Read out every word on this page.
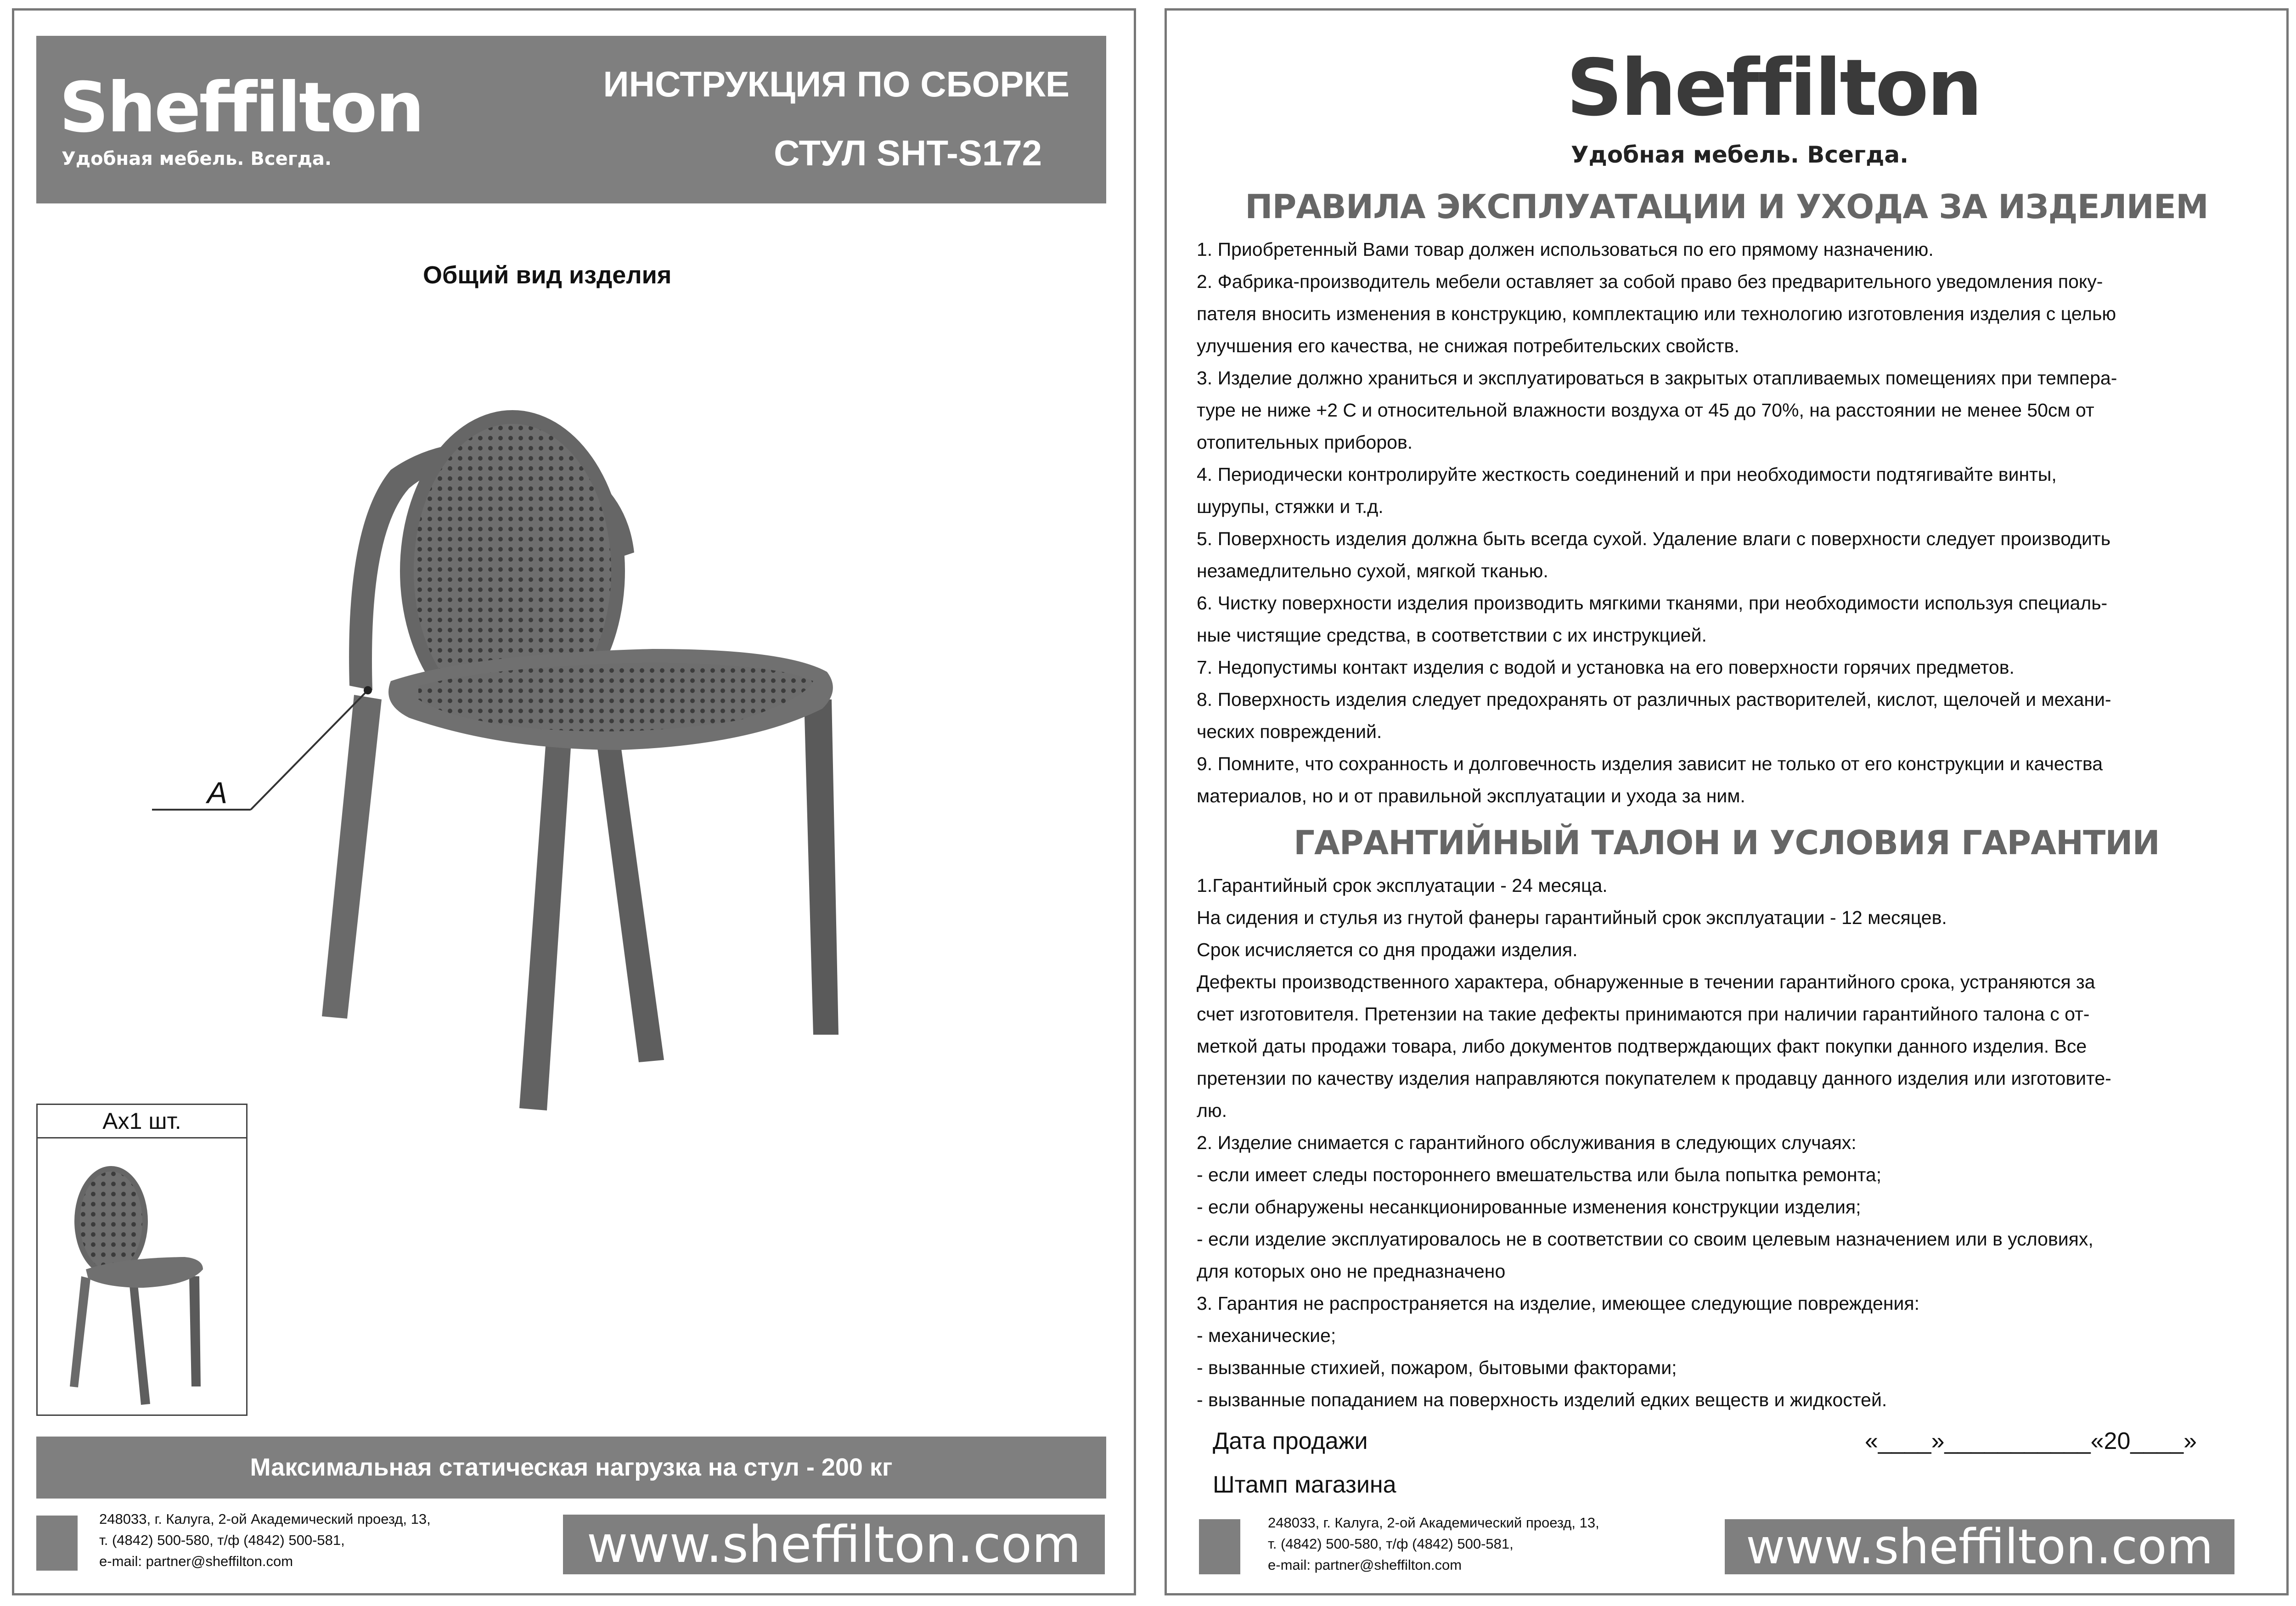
Sheffilton
Удобная мебель. Всегда.
ИНСТРУКЦИЯ ПО СБОРКЕ
СТУЛ SHT-S172
Общий вид изделия
A
Ax1 шт.
Максимальная статическая нагрузка на стул - 200 кг
248033, г. Калуга, 2-ой Академический проезд, 13,
т. (4842) 500-580, т/ф (4842) 500-581,
e-mail: partner@sheffilton.com	www.sheffilton.com
Sheffilton
Удобная мебель. Всегда.
ПРАВИЛА ЭКСПЛУАТАЦИИ И УХОДА ЗА ИЗДЕЛИЕМ

1. Приобретенный Вами товар должен использоваться по его прямому назначению.

2. Фабрика-производитель мебели оставляет за собой право без предварительного уведомления поку-

пателя вносить изменения в конструкцию, комплектацию или технологию изготовления изделия с целью

улучшения его качества, не снижая потребительских свойств.

3. Изделие должно храниться и эксплуатироваться в закрытых отапливаемых помещениях при темпера-

туре не ниже +2 С и относительной влажности воздуха от 45 до 70%, на расстоянии не менее 50см от

отопительных приборов.

4. Периодически контролируйте жесткость соединений и при необходимости подтягивайте винты,

шурупы, стяжки и т.д.

5. Поверхность изделия должна быть всегда сухой. Удаление влаги с поверхности следует производить

незамедлительно сухой, мягкой тканью.

6. Чистку поверхности изделия производить мягкими тканями, при необходимости используя специаль-

ные чистящие средства, в соответствии с их инструкцией.

7. Недопустимы контакт изделия с водой и установка на его поверхности горячих предметов.

8. Поверхность изделия следует предохранять от различных растворителей, кислот, щелочей и механи-

ческих повреждений.

9. Помните, что сохранность и долговечность изделия зависит не только от его конструкции и качества

материалов, но и от правильной эксплуатации и ухода за ним.

ГАРАНТИЙНЫЙ ТАЛОН И УСЛОВИЯ ГАРАНТИИ

1.Гарантийный срок эксплуатации - 24 месяца.

На сидения и стулья из гнутой фанеры гарантийный срок эксплуатации - 12 месяцев.

Срок исчисляется со дня продажи изделия.

Дефекты производственного характера, обнаруженные в течении гарантийного срока, устраняются за

счет изготовителя. Претензии на такие дефекты принимаются при наличии гарантийного талона с от-

меткой даты продажи товара, либо документов подтверждающих факт покупки данного изделия. Все

претензии по качеству изделия направляются покупателем к продавцу данного изделия или изготовите-

лю.

2. Изделие снимается с гарантийного обслуживания в следующих случаях:

- если имеет следы постороннего вмешательства или была попытка ремонта;

- если обнаружены несанкционированные изменения конструкции изделия;

- если изделие эксплуатировалось не в соответствии со своим целевым назначением или в условиях,

для которых оно не предназначено

3. Гарантия не распространяется на изделие, имеющее следующие повреждения:

- механические;

- вызванные стихией, пожаром, бытовыми факторами;

- вызванные попаданием на поверхность изделий едких веществ и жидкостей.

Дата продажи	«____»___________«20____»
Штамп магазина
248033, г. Калуга, 2-ой Академический проезд, 13,
т. (4842) 500-580, т/ф (4842) 500-581,
e-mail: partner@sheffilton.com	www.sheffilton.com
